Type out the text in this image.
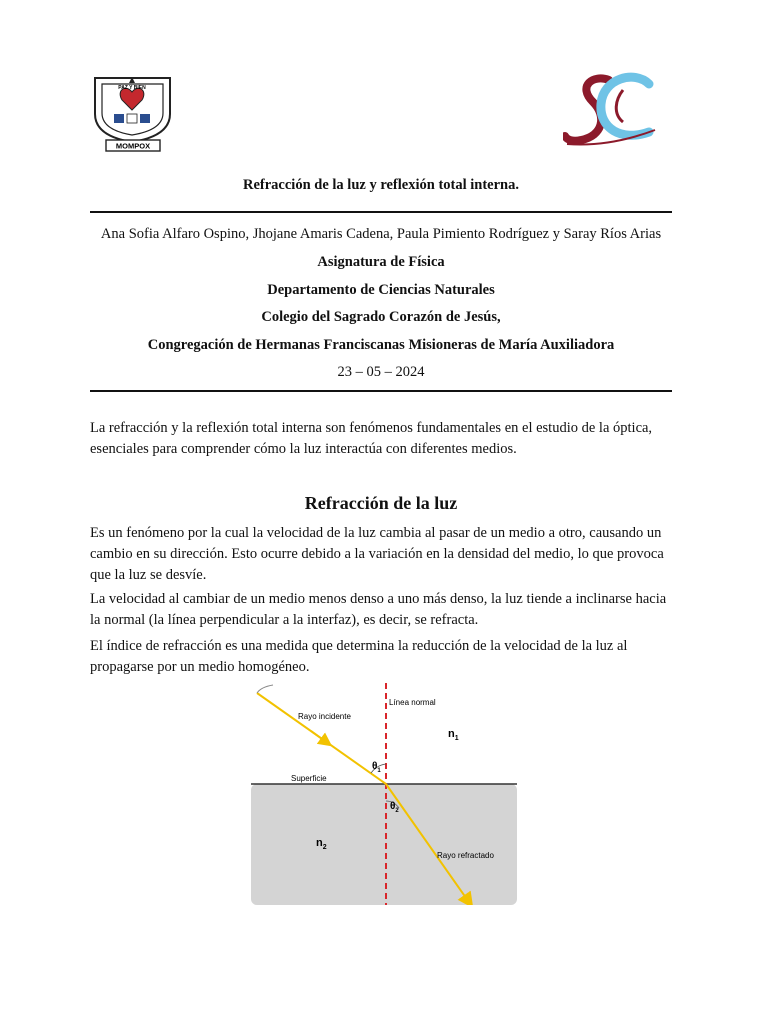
PAZ Y BIEN
MOMPOX
Refracción de la luz y reflexión total interna.
Ana Sofia Alfaro Ospino, Jhojane Amaris Cadena, Paula Pimiento Rodríguez y Saray Ríos Arias
Asignatura de Física
Departamento de Ciencias Naturales
Colegio del Sagrado Corazón de Jesús,
Congregación de Hermanas Franciscanas Misioneras de María Auxiliadora
23 – 05 – 2024
La refracción y la reflexión total interna son fenómenos fundamentales en el estudio de la óptica,
esenciales para comprender cómo la luz interactúa con diferentes medios.
Refracción de la luz
Es un fenómeno por la cual la velocidad de la luz cambia al pasar de un medio a otro, causando un
cambio en su dirección. Esto ocurre debido a la variación en la densidad del medio, lo que provoca
que la luz se desvíe.
La velocidad al cambiar de un medio menos denso a uno más denso, la luz tiende a inclinarse hacia
la normal (la línea perpendicular a la interfaz), es decir, se refracta.
El índice de refracción es una medida que determina la reducción de la velocidad de la luz al
propagarse por un medio homogéneo.
Línea normal
Rayo incidente
Rayo refractado
Superficie
$n_1$
$n_2$
$\theta_1$
$\theta_2$
